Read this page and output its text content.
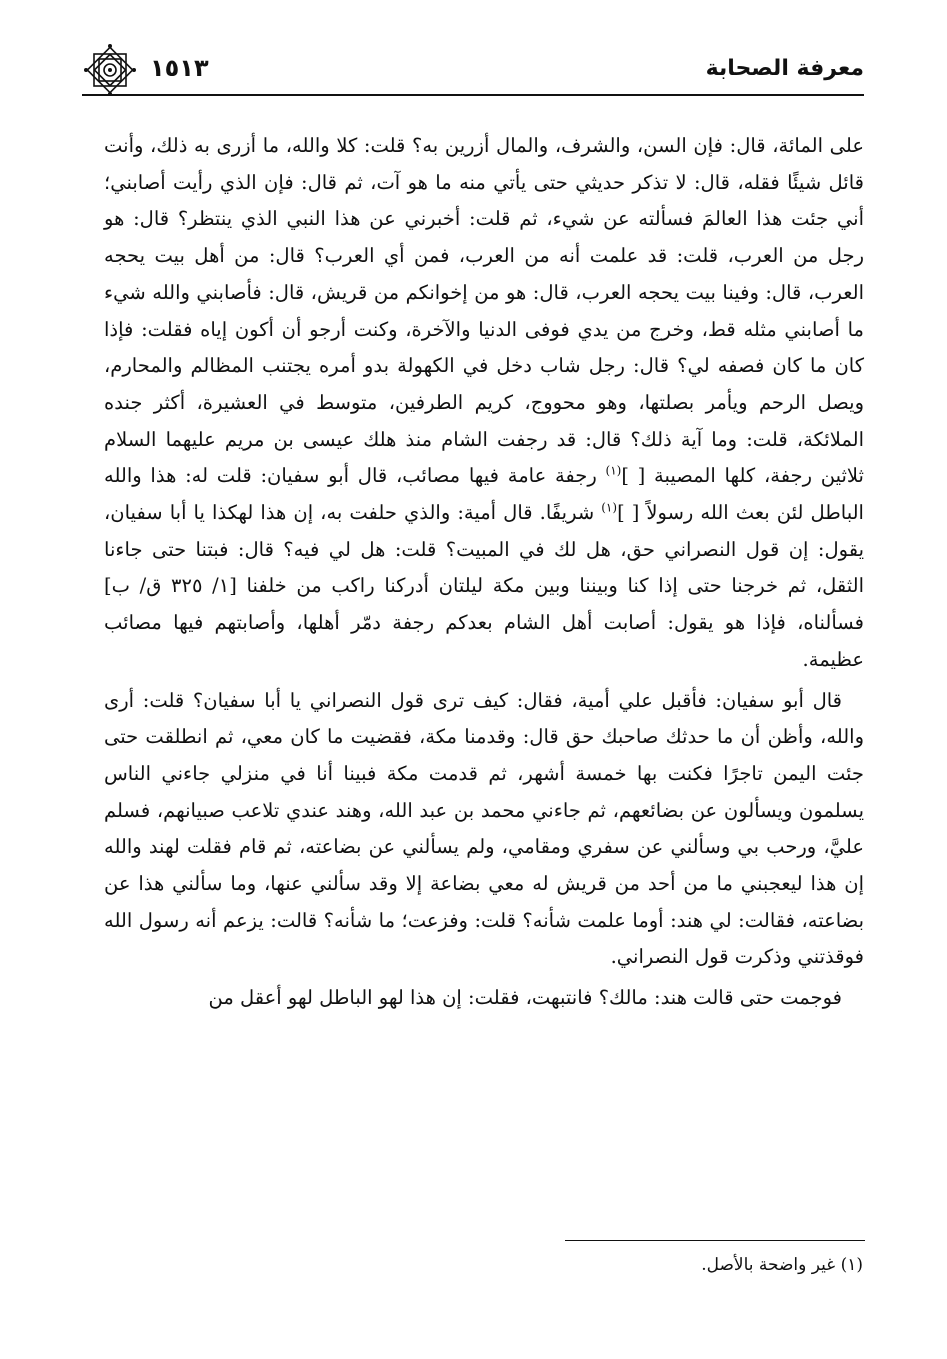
معرفة الصحابة
١٥١٣

على المائة، قال: فإن السن، والشرف، والمال أزرين به؟ قلت: كلا والله، ما أزرى به ذلك، وأنت قائل شيئًا فقله، قال: لا تذكر حديثي حتى يأتي منه ما هو آت، ثم قال: فإن الذي رأيت أصابني؛ أني جئت هذا العالمَ فسألته عن شيء، ثم قلت: أخبرني عن هذا النبي الذي ينتظر؟ قال: هو رجل من العرب، قلت: قد علمت أنه من العرب، فمن أي العرب؟ قال: من أهل بيت يحجه العرب، قال: وفينا بيت يحجه العرب، قال: هو من إخوانكم من قريش، قال: فأصابني والله شيء ما أصابني مثله قط، وخرج من يدي فوفى الدنيا والآخرة، وكنت أرجو أن أكون إياه فقلت: فإذا كان ما كان فصفه لي؟ قال: رجل شاب دخل في الكهولة بدو أمره يجتنب المظالم والمحارم، ويصل الرحم ويأمر بصلتها، وهو محووج، كريم الطرفين، متوسط في العشيرة، أكثر جنده الملائكة، قلت: وما آية ذلك؟ قال: قد رجفت الشام منذ هلك عيسى بن مريم عليهما السلام ثلاثين رجفة، كلها المصيبة [ ]$^{(١)}$ رجفة عامة فيها مصائب، قال أبو سفيان: قلت له: هذا والله الباطل لئن بعث الله رسولاً [ ]$^{(١)}$ شريفًا. قال أمية: والذي حلفت به، إن هذا لهكذا يا أبا سفيان، يقول: إن قول النصراني حق، هل لك في المبيت؟ قلت: هل لي فيه؟ قال: فبتنا حتى جاءنا الثقل، ثم خرجنا حتى إذا كنا وبيننا وبين مكة ليلتان أدركنا راكب من خلفنا [١/ ٣٢٥ ق/ ب] فسألناه، فإذا هو يقول: أصابت أهل الشام بعدكم رجفة دمّر أهلها، وأصابتهم فيها مصائب عظيمة.

قال أبو سفيان: فأقبل علي أمية، فقال: كيف ترى قول النصراني يا أبا سفيان؟ قلت: أرى والله، وأظن أن ما حدثك صاحبك حق قال: وقدمنا مكة، فقضيت ما كان معي، ثم انطلقت حتى جئت اليمن تاجرًا فكنت بها خمسة أشهر، ثم قدمت مكة فبينا أنا في منزلي جاءني الناس يسلمون ويسألون عن بضائعهم، ثم جاءني محمد بن عبد الله، وهند عندي تلاعب صبيانهم، فسلم عليَّ، ورحب بي وسألني عن سفري ومقامي، ولم يسألني عن بضاعته، ثم قام فقلت لهند والله إن هذا ليعجبني ما من أحد من قريش له معي بضاعة إلا وقد سألني عنها، وما سألني هذا عن بضاعته، فقالت: لي هند: أوما علمت شأنه؟ قلت: وفزعت؛ ما شأنه؟ قالت: يزعم أنه رسول الله فوقذتني وذكرت قول النصراني.

فوجمت حتى قالت هند: مالك؟ فانتبهت، فقلت: إن هذا لهو الباطل لهو أعقل من

(١) غير واضحة بالأصل.
